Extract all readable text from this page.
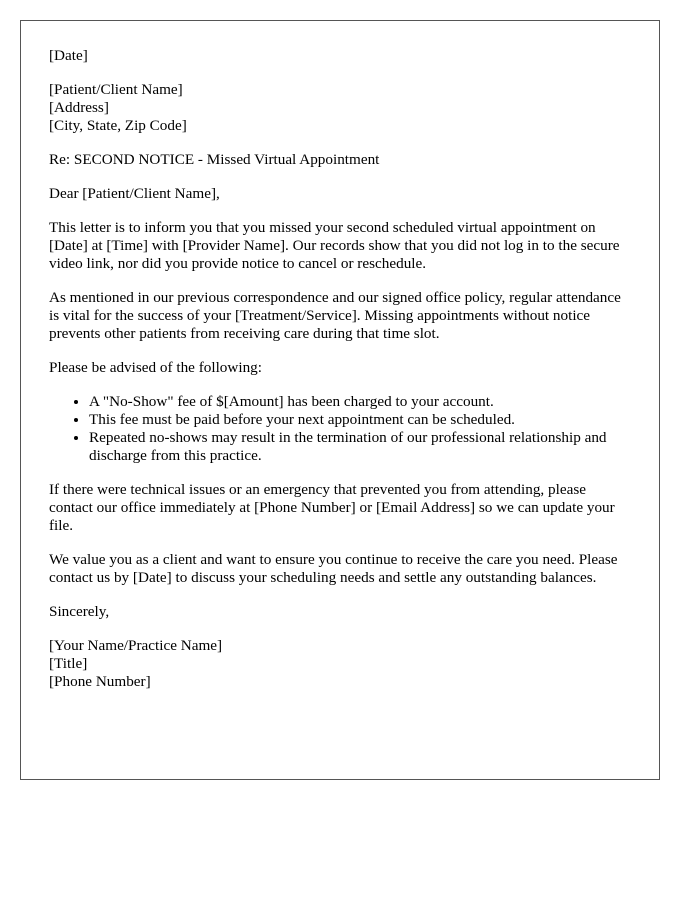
[Date]

[Patient/Client Name]
[Address]
[City, State, Zip Code]

Re: SECOND NOTICE - Missed Virtual Appointment

Dear [Patient/Client Name],

This letter is to inform you that you missed your second scheduled virtual appointment on [Date] at [Time] with [Provider Name]. Our records show that you did not log in to the secure video link, nor did you provide notice to cancel or reschedule.

As mentioned in our previous correspondence and our signed office policy, regular attendance is vital for the success of your [Treatment/Service]. Missing appointments without notice prevents other patients from receiving care during that time slot.

Please be advised of the following:

• A "No-Show" fee of $[Amount] has been charged to your account.
• This fee must be paid before your next appointment can be scheduled.
• Repeated no-shows may result in the termination of our professional relationship and discharge from this practice.

If there were technical issues or an emergency that prevented you from attending, please contact our office immediately at [Phone Number] or [Email Address] so we can update your file.

We value you as a client and want to ensure you continue to receive the care you need. Please contact us by [Date] to discuss your scheduling needs and settle any outstanding balances.

Sincerely,

[Your Name/Practice Name]
[Title]
[Phone Number]
